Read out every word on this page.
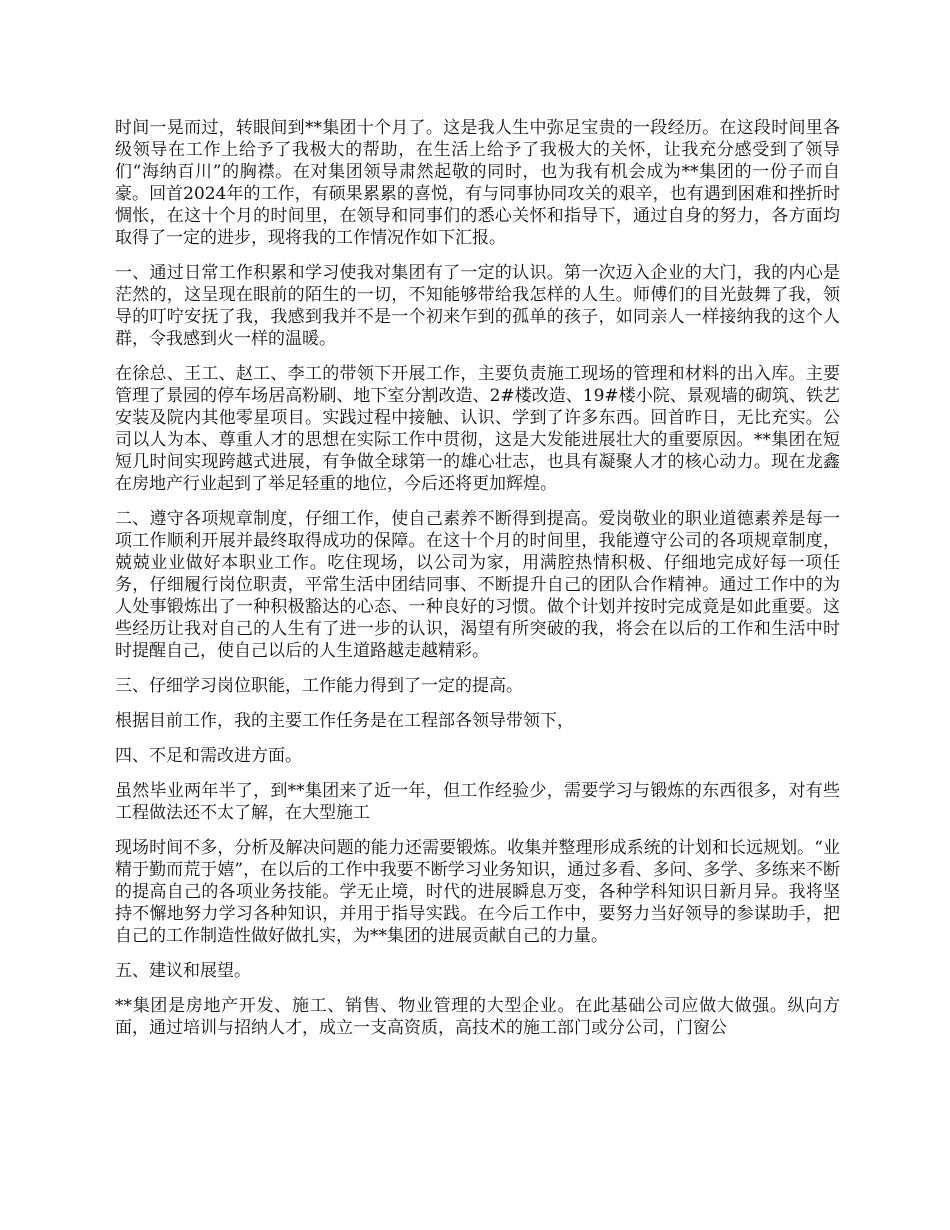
时间一晃而过，转眼间到**集团十个月了。这是我人生中弥足宝贵的一段经历。在这段时间里各级领导在工作上给予了我极大的帮助，在生活上给予了我极大的关怀，让我充分感受到了领导们“海纳百川”的胸襟。在对集团领导肃然起敬的同时，也为我有机会成为**集团的一份子而自豪。回首2024年的工作，有硕果累累的喜悦，有与同事协同攻关的艰辛，也有遇到困难和挫折时惆怅，在这十个月的时间里，在领导和同事们的悉心关怀和指导下，通过自身的努力，各方面均取得了一定的进步，现将我的工作情况作如下汇报。

一、通过日常工作积累和学习使我对集团有了一定的认识。第一次迈入企业的大门，我的内心是茫然的，这呈现在眼前的陌生的一切，不知能够带给我怎样的人生。师傅们的目光鼓舞了我，领导的叮咛安抚了我，我感到我并不是一个初来乍到的孤单的孩子，如同亲人一样接纳我的这个人群，令我感到火一样的温暖。

在徐总、王工、赵工、李工的带领下开展工作，主要负责施工现场的管理和材料的出入库。主要管理了景园的停车场居高粉刷、地下室分割改造、2#楼改造、19#楼小院、景观墙的砌筑、铁艺安装及院内其他零星项目。实践过程中接触、认识、学到了许多东西。回首昨日，无比充实。公司以人为本、尊重人才的思想在实际工作中贯彻，这是大发能进展壮大的重要原因。**集团在短短几时间实现跨越式进展，有争做全球第一的雄心壮志，也具有凝聚人才的核心动力。现在龙鑫在房地产行业起到了举足轻重的地位，今后还将更加辉煌。

二、遵守各项规章制度，仔细工作，使自己素养不断得到提高。爱岗敬业的职业道德素养是每一项工作顺利开展并最终取得成功的保障。在这十个月的时间里，我能遵守公司的各项规章制度，兢兢业业做好本职业工作。吃住现场，以公司为家，用满腔热情积极、仔细地完成好每一项任务，仔细履行岗位职责，平常生活中团结同事、不断提升自己的团队合作精神。通过工作中的为人处事锻炼出了一种积极豁达的心态、一种良好的习惯。做个计划并按时完成竟是如此重要。这些经历让我对自己的人生有了进一步的认识，渴望有所突破的我，将会在以后的工作和生活中时时提醒自己，使自己以后的人生道路越走越精彩。

三、仔细学习岗位职能，工作能力得到了一定的提高。

根据目前工作，我的主要工作任务是在工程部各领导带领下，

四、不足和需改进方面。

虽然毕业两年半了，到**集团来了近一年，但工作经验少，需要学习与锻炼的东西很多，对有些工程做法还不太了解，在大型施工

现场时间不多，分析及解决问题的能力还需要锻炼。收集并整理形成系统的计划和长远规划。“业精于勤而荒于嬉”，在以后的工作中我要不断学习业务知识，通过多看、多问、多学、多练来不断的提高自己的各项业务技能。学无止境，时代的进展瞬息万变，各种学科知识日新月异。我将坚持不懈地努力学习各种知识，并用于指导实践。在今后工作中，要努力当好领导的参谋助手，把自己的工作制造性做好做扎实，为**集团的进展贡献自己的力量。

五、建议和展望。

**集团是房地产开发、施工、销售、物业管理的大型企业。在此基础公司应做大做强。纵向方面，通过培训与招纳人才，成立一支高资质，高技术的施工部门或分公司，门窗公
